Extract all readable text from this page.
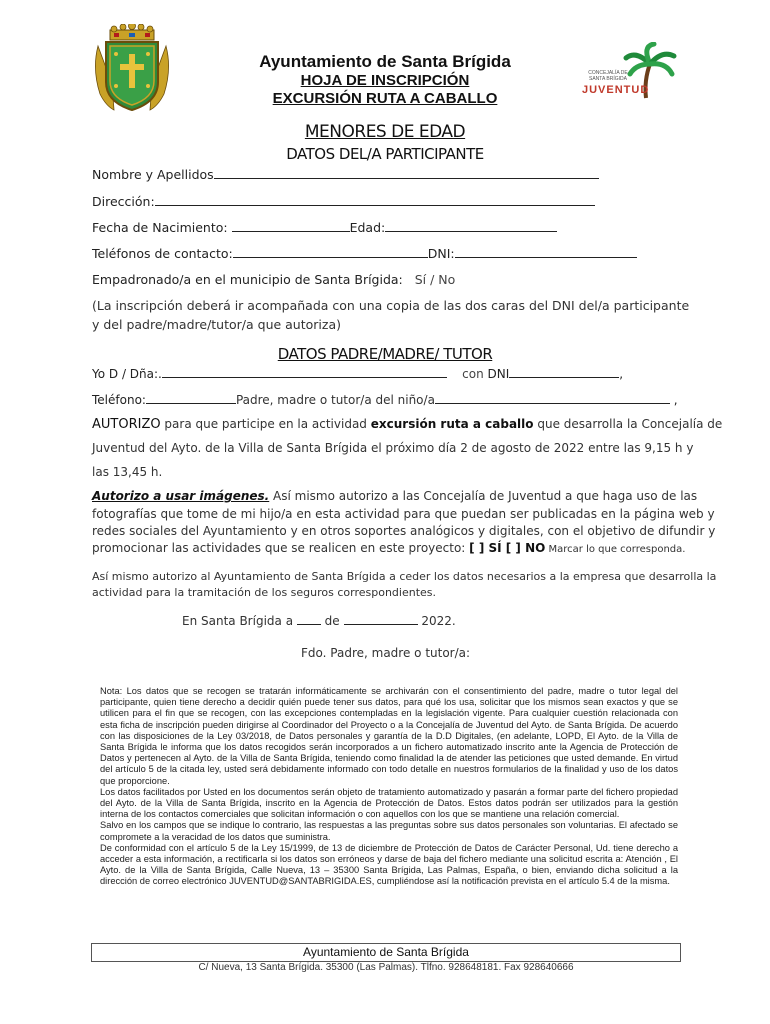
Ayuntamiento de Santa Brígida
HOJA DE INSCRIPCIÓN
EXCURSIÓN RUTA A CABALLO
CONCEJALÍA DE SANTA BRÍGIDA
JUVENTUD
MENORES DE EDAD
DATOS DEL/A PARTICIPANTE
Nombre y Apellidos
Dirección:
Fecha de Nacimiento:	Edad:
Teléfonos de contacto:	DNI:
Empadronado/a en el municipio de Santa Brígida: Sí / No
(La inscripción deberá ir acompañada con una copia de las dos caras del DNI del/a participante
y del padre/madre/tutor/a que autoriza)
DATOS PADRE/MADRE/ TUTOR
Yo D / Dña:.	con DNI	,
Teléfono:	Padre, madre o tutor/a del niño/a	,
AUTORIZO para que participe en la actividad excursión ruta a caballo que desarrolla la Concejalía de
Juventud del Ayto. de la Villa de Santa Brígida el próximo día 2 de agosto de 2022 entre las 9,15 h y
las 13,45 h.
Autorizo a usar imágenes. Así mismo autorizo a las Concejalía de Juventud a que haga uso de las
fotografías que tome de mi hijo/a en esta actividad para que puedan ser publicadas en la página web y
redes sociales del Ayuntamiento y en otros soportes analógicos y digitales, con el objetivo de difundir y
promocionar las actividades que se realicen en este proyecto: [ ] SÍ [ ] NO Marcar lo que corresponda.
Así mismo autorizo al Ayuntamiento de Santa Brígida a ceder los datos necesarios a la empresa que desarrolla la
actividad para la tramitación de los seguros correspondientes.
En Santa Brígida a  de	2022.
Fdo. Padre, madre o tutor/a:
Nota: Los datos que se recogen se tratarán informáticamente se archivarán con el consentimiento del padre, madre o tutor legal del participante, quien tiene derecho a decidir quién puede tener sus datos, para qué los usa, solicitar que los mismos sean exactos y que se utilicen para el fin que se recogen, con las excepciones contempladas en la legislación vigente. Para cualquier cuestión relacionada con esta ficha de inscripción pueden dirigirse al Coordinador del Proyecto o a la Concejalía de Juventud del Ayto. de Santa Brígida. De acuerdo con las disposiciones de la Ley 03/2018, de Datos personales y garantía de la D.D Digitales, (en adelante, LOPD, El Ayto. de la Villa de Santa Brígida le informa que los datos recogidos serán incorporados a un fichero automatizado inscrito ante la Agencia de Protección de Datos y pertenecen al Ayto. de la Villa de Santa Brígida, teniendo como finalidad la de atender las peticiones que usted demande. En virtud del artículo 5 de la citada ley, usted será debidamente informado con todo detalle en nuestros formularios de la finalidad y uso de los datos que proporcione.
Los datos facilitados por Usted en los documentos serán objeto de tratamiento automatizado y pasarán a formar parte del fichero propiedad del Ayto. de la Villa de Santa Brígida, inscrito en la Agencia de Protección de Datos. Estos datos podrán ser utilizados para la gestión interna de los contactos comerciales que solicitan información o con aquellos con los que se mantiene una relación comercial.
Salvo en los campos que se indique lo contrario, las respuestas a las preguntas sobre sus datos personales son voluntarias. El afectado se compromete a la veracidad de los datos que suministra.
De conformidad con el artículo 5 de la Ley 15/1999, de 13 de diciembre de Protección de Datos de Carácter Personal, Ud. tiene derecho a acceder a esta información, a rectificarla si los datos son erróneos y darse de baja del fichero mediante una solicitud escrita a: Atención , El Ayto. de la Villa de Santa Brígida, Calle Nueva, 13 – 35300 Santa Brígida, Las Palmas, España, o bien, enviando dicha solicitud a la dirección de correo electrónico JUVENTUD@SANTABRIGIDA.ES, cumpliéndose así la notificación prevista en el artículo 5.4 de la misma.
Ayuntamiento de Santa Brígida
C/ Nueva, 13 Santa Brígida. 35300 (Las Palmas). Tlfno. 928648181. Fax 928640666
